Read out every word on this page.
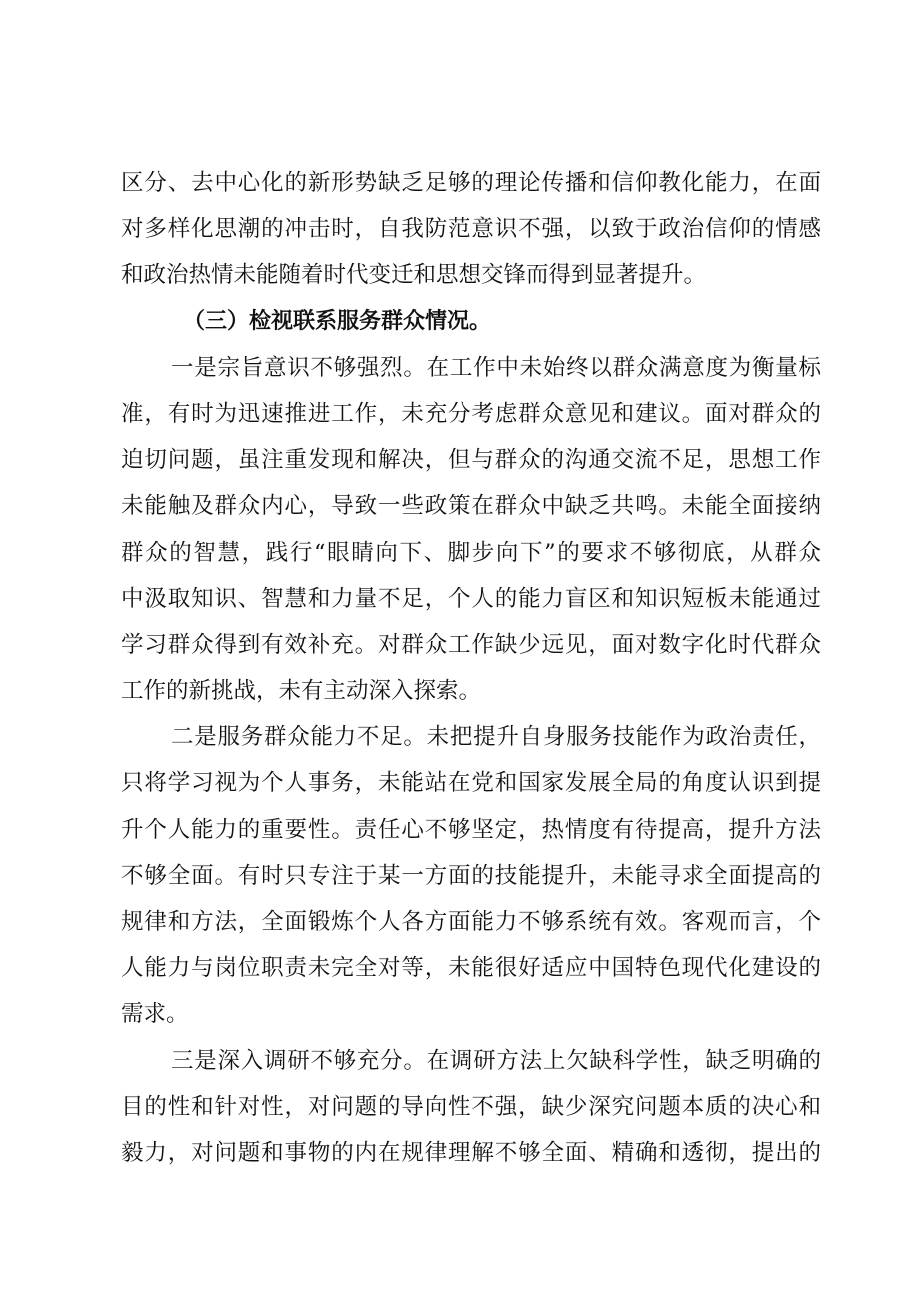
区分、去中心化的新形势缺乏足够的理论传播和信仰教化能力，在面
对多样化思潮的冲击时，自我防范意识不强，以致于政治信仰的情感
和政治热情未能随着时代变迁和思想交锋而得到显著提升。
（三）检视联系服务群众情况。
一是宗旨意识不够强烈。在工作中未始终以群众满意度为衡量标
准，有时为迅速推进工作，未充分考虑群众意见和建议。面对群众的
迫切问题，虽注重发现和解决，但与群众的沟通交流不足，思想工作
未能触及群众内心，导致一些政策在群众中缺乏共鸣。未能全面接纳
群众的智慧，践行“眼睛向下、脚步向下”的要求不够彻底，从群众
中汲取知识、智慧和力量不足，个人的能力盲区和知识短板未能通过
学习群众得到有效补充。对群众工作缺少远见，面对数字化时代群众
工作的新挑战，未有主动深入探索。
二是服务群众能力不足。未把提升自身服务技能作为政治责任，
只将学习视为个人事务，未能站在党和国家发展全局的角度认识到提
升个人能力的重要性。责任心不够坚定，热情度有待提高，提升方法
不够全面。有时只专注于某一方面的技能提升，未能寻求全面提高的
规律和方法，全面锻炼个人各方面能力不够系统有效。客观而言，个
人能力与岗位职责未完全对等，未能很好适应中国特色现代化建设的
需求。
三是深入调研不够充分。在调研方法上欠缺科学性，缺乏明确的
目的性和针对性，对问题的导向性不强，缺少深究问题本质的决心和
毅力，对问题和事物的内在规律理解不够全面、精确和透彻，提出的
